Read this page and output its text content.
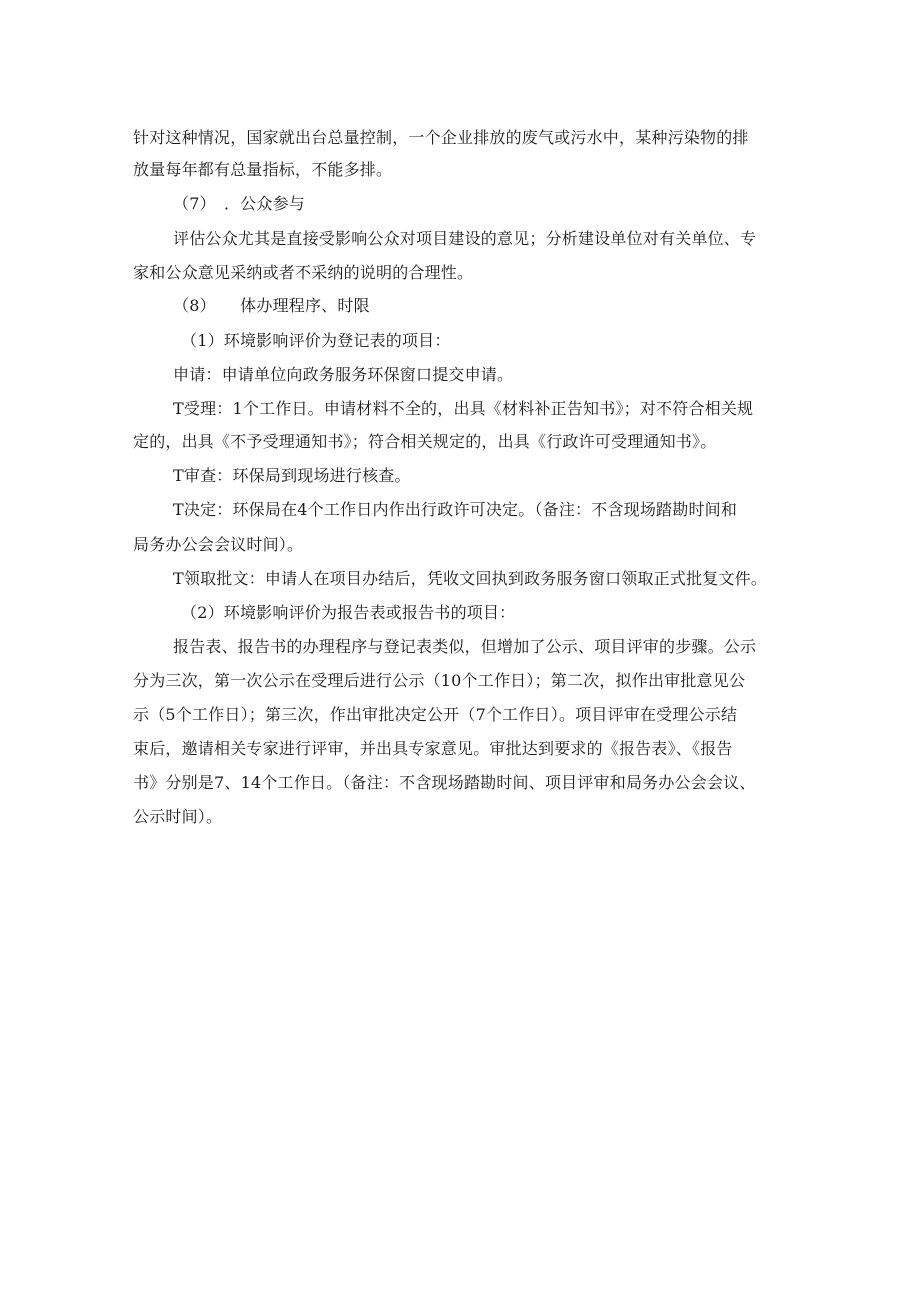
针对这种情况，国家就出台总量控制，一个企业排放的废气或污水中，某种污染物的排
放量每年都有总量指标，不能多排。
（7）　．公众参与
评估公众尤其是直接受影响公众对项目建设的意见；分析建设单位对有关单位、专
家和公众意见采纳或者不采纳的说明的合理性。
（8）　　体办理程序、时限
（1）环境影响评价为登记表的项目：
申请：申请单位向政务服务环保窗口提交申请。
T受理：1个工作日。申请材料不全的，出具《材料补正告知书》；对不符合相关规
定的，出具《不予受理通知书》；符合相关规定的，出具《行政许可受理通知书》。
T审查：环保局到现场进行核查。
T决定：环保局在4个工作日内作出行政许可决定。（备注：不含现场踏勘时间和
局务办公会会议时间）。
T领取批文：申请人在项目办结后，凭收文回执到政务服务窗口领取正式批复文件。
（2）环境影响评价为报告表或报告书的项目：
报告表、报告书的办理程序与登记表类似，但增加了公示、项目评审的步骤。公示
分为三次，第一次公示在受理后进行公示（10个工作日）；第二次，拟作出审批意见公
示（5个工作日）；第三次，作出审批决定公开（7个工作日）。项目评审在受理公示结
束后，邀请相关专家进行评审，并出具专家意见。审批达到要求的《报告表》、《报告
书》分别是7、14个工作日。（备注：不含现场踏勘时间、项目评审和局务办公会会议、
公示时间）。
